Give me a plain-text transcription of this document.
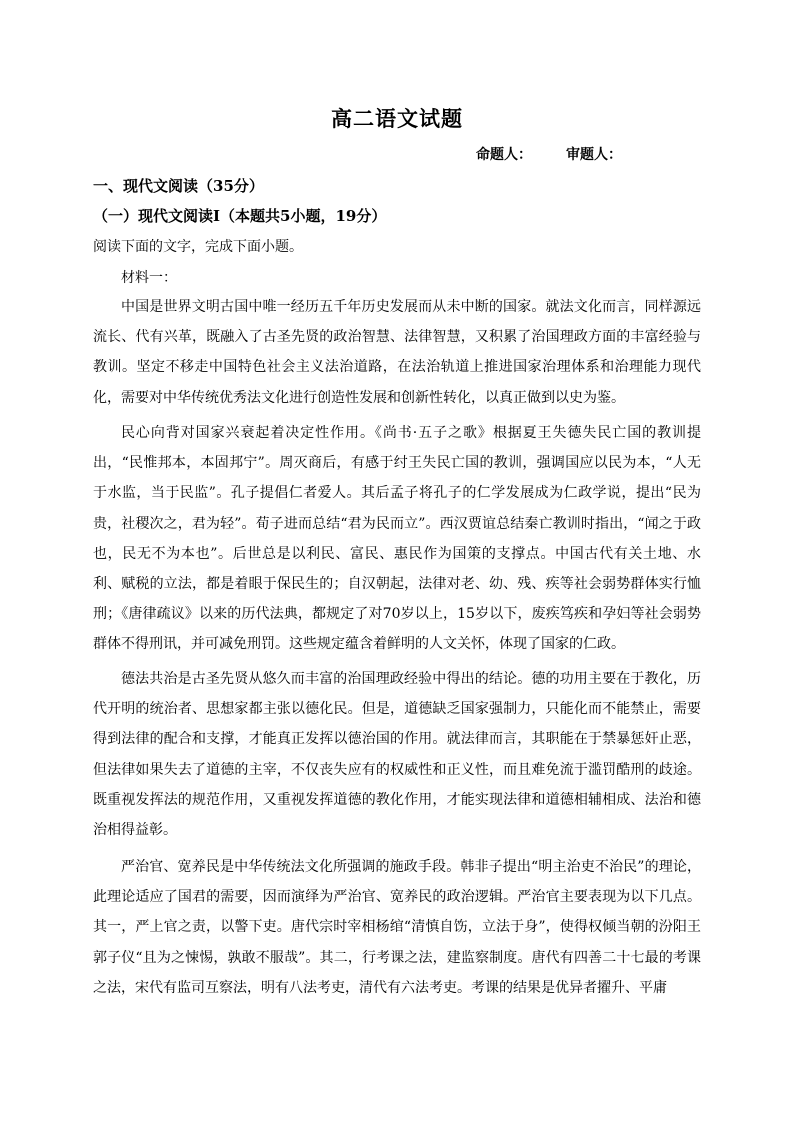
高二语文试题
命题人： 审题人：
一、现代文阅读（35分）
（一）现代文阅读Ⅰ（本题共5小题，19分）
阅读下面的文字，完成下面小题。
材料一：

中国是世界文明古国中唯一经历五千年历史发展而从未中断的国家。就法文化而言，同样源远流长、代有兴革，既融入了古圣先贤的政治智慧、法律智慧，又积累了治国理政方面的丰富经验与教训。坚定不移走中国特色社会主义法治道路，在法治轨道上推进国家治理体系和治理能力现代化，需要对中华传统优秀法文化进行创造性发展和创新性转化，以真正做到以史为鉴。

民心向背对国家兴衰起着决定性作用。《尚书·五子之歌》根据夏王失德失民亡国的教训提出，“民惟邦本，本固邦宁”。周灭商后，有感于纣王失民亡国的教训，强调国应以民为本，“人无于水监，当于民监”。孔子提倡仁者爱人。其后孟子将孔子的仁学发展成为仁政学说，提出“民为贵，社稷次之，君为轻”。荀子进而总结“君为民而立”。西汉贾谊总结秦亡教训时指出，“闻之于政也，民无不为本也”。后世总是以利民、富民、惠民作为国策的支撑点。中国古代有关土地、水利、赋税的立法，都是着眼于保民生的；自汉朝起，法律对老、幼、残、疾等社会弱势群体实行恤刑；《唐律疏议》以来的历代法典，都规定了对70岁以上，15岁以下，废疾笃疾和孕妇等社会弱势群体不得刑讯，并可减免刑罚。这些规定蕴含着鲜明的人文关怀，体现了国家的仁政。

德法共治是古圣先贤从悠久而丰富的治国理政经验中得出的结论。德的功用主要在于教化，历代开明的统治者、思想家都主张以德化民。但是，道德缺乏国家强制力，只能化而不能禁止，需要得到法律的配合和支撑，才能真正发挥以德治国的作用。就法律而言，其职能在于禁暴惩奸止恶，但法律如果失去了道德的主宰，不仅丧失应有的权威性和正义性，而且难免流于滥罚酷刑的歧途。既重视发挥法的规范作用，又重视发挥道德的教化作用，才能实现法律和道德相辅相成、法治和德治相得益彰。

严治官、宽养民是中华传统法文化所强调的施政手段。韩非子提出“明主治吏不治民”的理论，此理论适应了国君的需要，因而演绎为严治官、宽养民的政治逻辑。严治官主要表现为以下几点。其一，严上官之责，以警下吏。唐代宗时宰相杨绾“清慎自饬，立法于身”，使得权倾当朝的汾阳王郭子仪“且为之悚惕，孰敢不服哉”。其二，行考课之法，建监察制度。唐代有四善二十七最的考课之法，宋代有监司互察法，明有八法考吏，清代有六法考吏。考课的结果是优异者擢升、平庸
